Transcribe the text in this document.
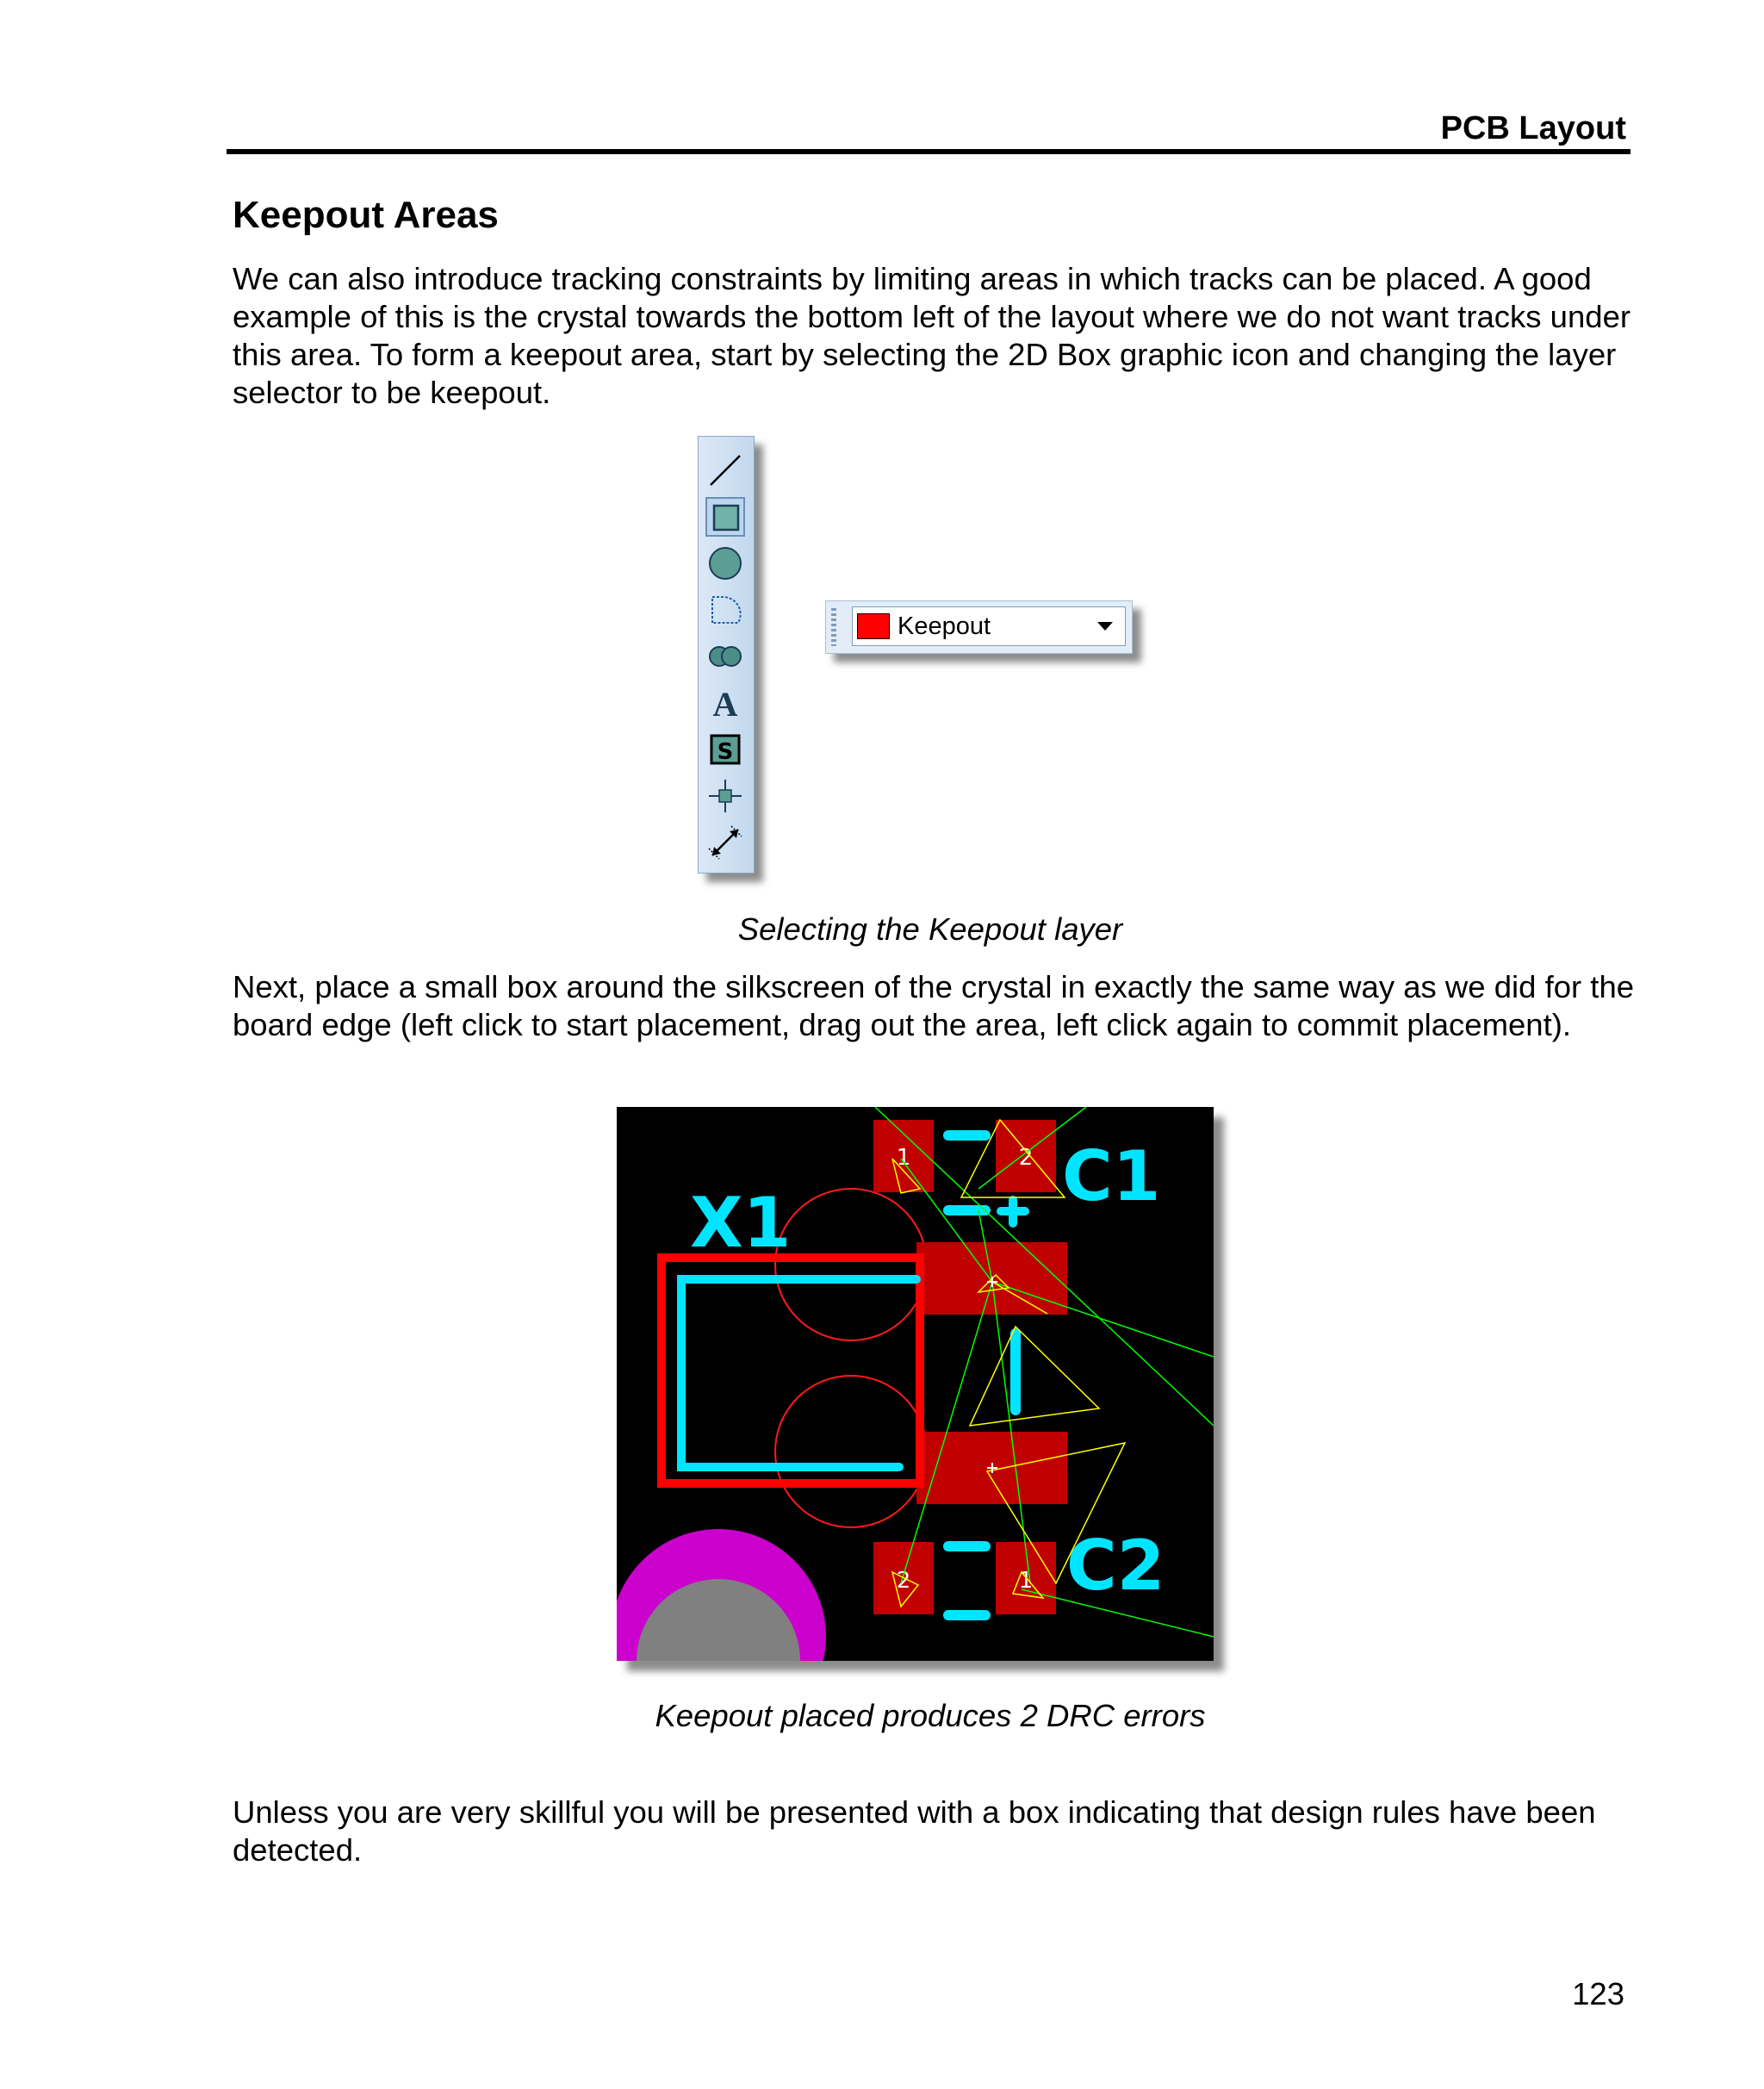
PCB Layout
Keepout Areas
We can also introduce tracking constraints by limiting areas in which tracks can be placed. A good example of this is the crystal towards the bottom left of the layout where we do not want tracks under this area. To form a keepout area, start by selecting the 2D Box graphic icon and changing the layer selector to be keepout.
A
S
Keepout
Selecting the Keepout layer
Next, place a small box around the silkscreen of the crystal in exactly the same way as we did for the board edge (left click to start placement, drag out the area, left click again to commit placement).
X1
C1
C2
1	2
2	1
Keepout placed produces 2 DRC errors
Unless you are very skillful you will be presented with a box indicating that design rules have been detected.
123
